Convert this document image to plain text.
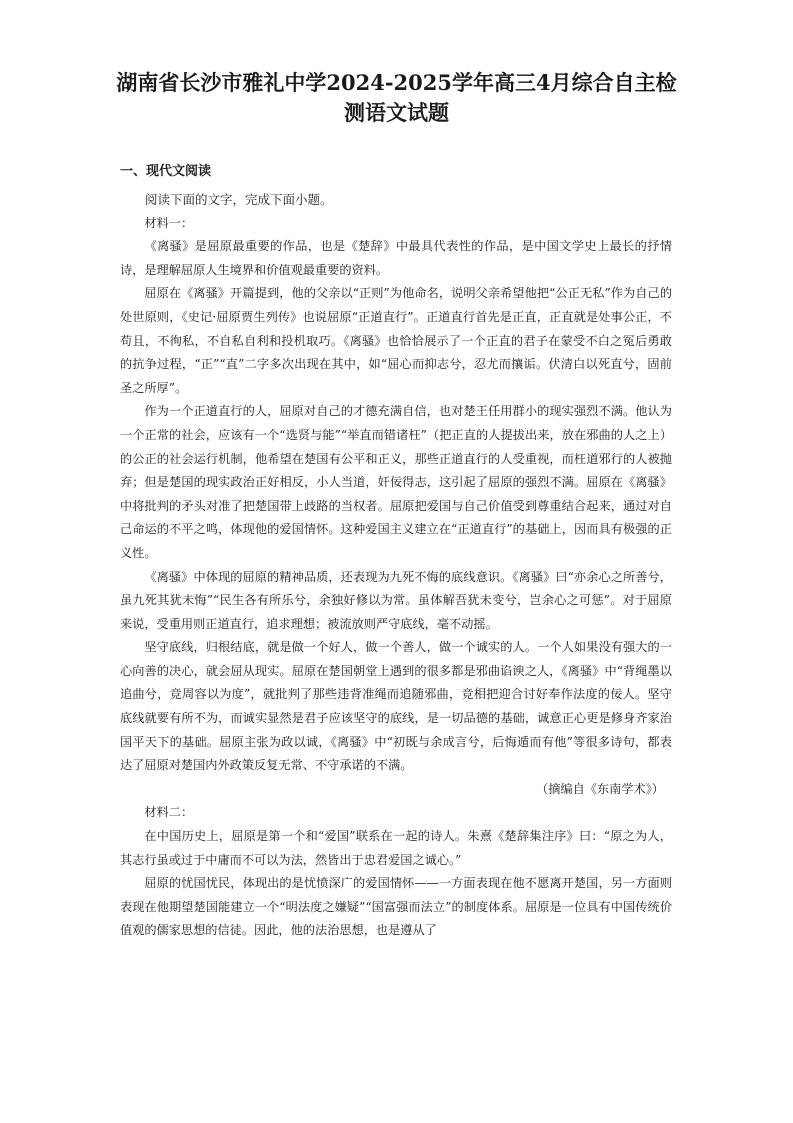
湖南省长沙市雅礼中学2024-2025学年高三4月综合自主检测语文试题
一、现代文阅读

阅读下面的文字，完成下面小题。

材料一：

《离骚》是屈原最重要的作品，也是《楚辞》中最具代表性的作品，是中国文学史上最长的抒情诗，是理解屈原人生境界和价值观最重要的资料。

屈原在《离骚》开篇提到，他的父亲以“正则”为他命名，说明父亲希望他把“公正无私”作为自己的处世原则，《史记·屈原贾生列传》也说屈原“正道直行”。正道直行首先是正直，正直就是处事公正，不苟且，不徇私，不自私自利和投机取巧。《离骚》也恰恰展示了一个正直的君子在蒙受不白之冤后勇敢的抗争过程，“正”“直”二字多次出现在其中，如“屈心而抑志兮，忍尤而攘诟。伏清白以死直兮，固前圣之所厚”。

作为一个正道直行的人，屈原对自己的才德充满自信，也对楚王任用群小的现实强烈不满。他认为一个正常的社会，应该有一个“选贤与能”“举直而错诸枉”（把正直的人提拔出来，放在邪曲的人之上）的公正的社会运行机制，他希望在楚国有公平和正义，那些正道直行的人受重视，而枉道邪行的人被抛弃；但是楚国的现实政治正好相反，小人当道，奸佞得志，这引起了屈原的强烈不满。屈原在《离骚》中将批判的矛头对准了把楚国带上歧路的当权者。屈原把爱国与自己价值受到尊重结合起来，通过对自己命运的不平之鸣，体现他的爱国情怀。这种爱国主义建立在“正道直行”的基础上，因而具有极强的正义性。

《离骚》中体现的屈原的精神品质，还表现为九死不悔的底线意识。《离骚》曰“亦余心之所善兮，虽九死其犹未悔”“民生各有所乐兮，余独好修以为常。虽体解吾犹未变兮，岂余心之可惩”。对于屈原来说，受重用则正道直行，追求理想；被流放则严守底线，毫不动摇。

坚守底线，归根结底，就是做一个好人，做一个善人，做一个诚实的人。一个人如果没有强大的一心向善的决心，就会屈从现实。屈原在楚国朝堂上遇到的很多都是邪曲谄谀之人，《离骚》中“背绳墨以追曲兮，竞周容以为度”，就批判了那些违背准绳而追随邪曲，竞相把迎合讨好奉作法度的佞人。坚守底线就要有所不为，而诚实显然是君子应该坚守的底线，是一切品德的基础，诚意正心更是修身齐家治国平天下的基础。屈原主张为政以诚，《离骚》中“初既与余成言兮，后悔遁而有他”等很多诗句，都表达了屈原对楚国内外政策反复无常、不守承诺的不满。

（摘编自《东南学术》）

材料二：

在中国历史上，屈原是第一个和“爱国”联系在一起的诗人。朱熹《楚辞集注序》曰：“原之为人，其志行虽或过于中庸而不可以为法，然皆出于忠君爱国之诚心。”

屈原的忧国忧民，体现出的是忧愤深广的爱国情怀——一方面表现在他不愿离开楚国，另一方面则表现在他期望楚国能建立一个“明法度之嫌疑”“国富强而法立”的制度体系。屈原是一位具有中国传统价值观的儒家思想的信徒。因此，他的法治思想，也是遵从了
